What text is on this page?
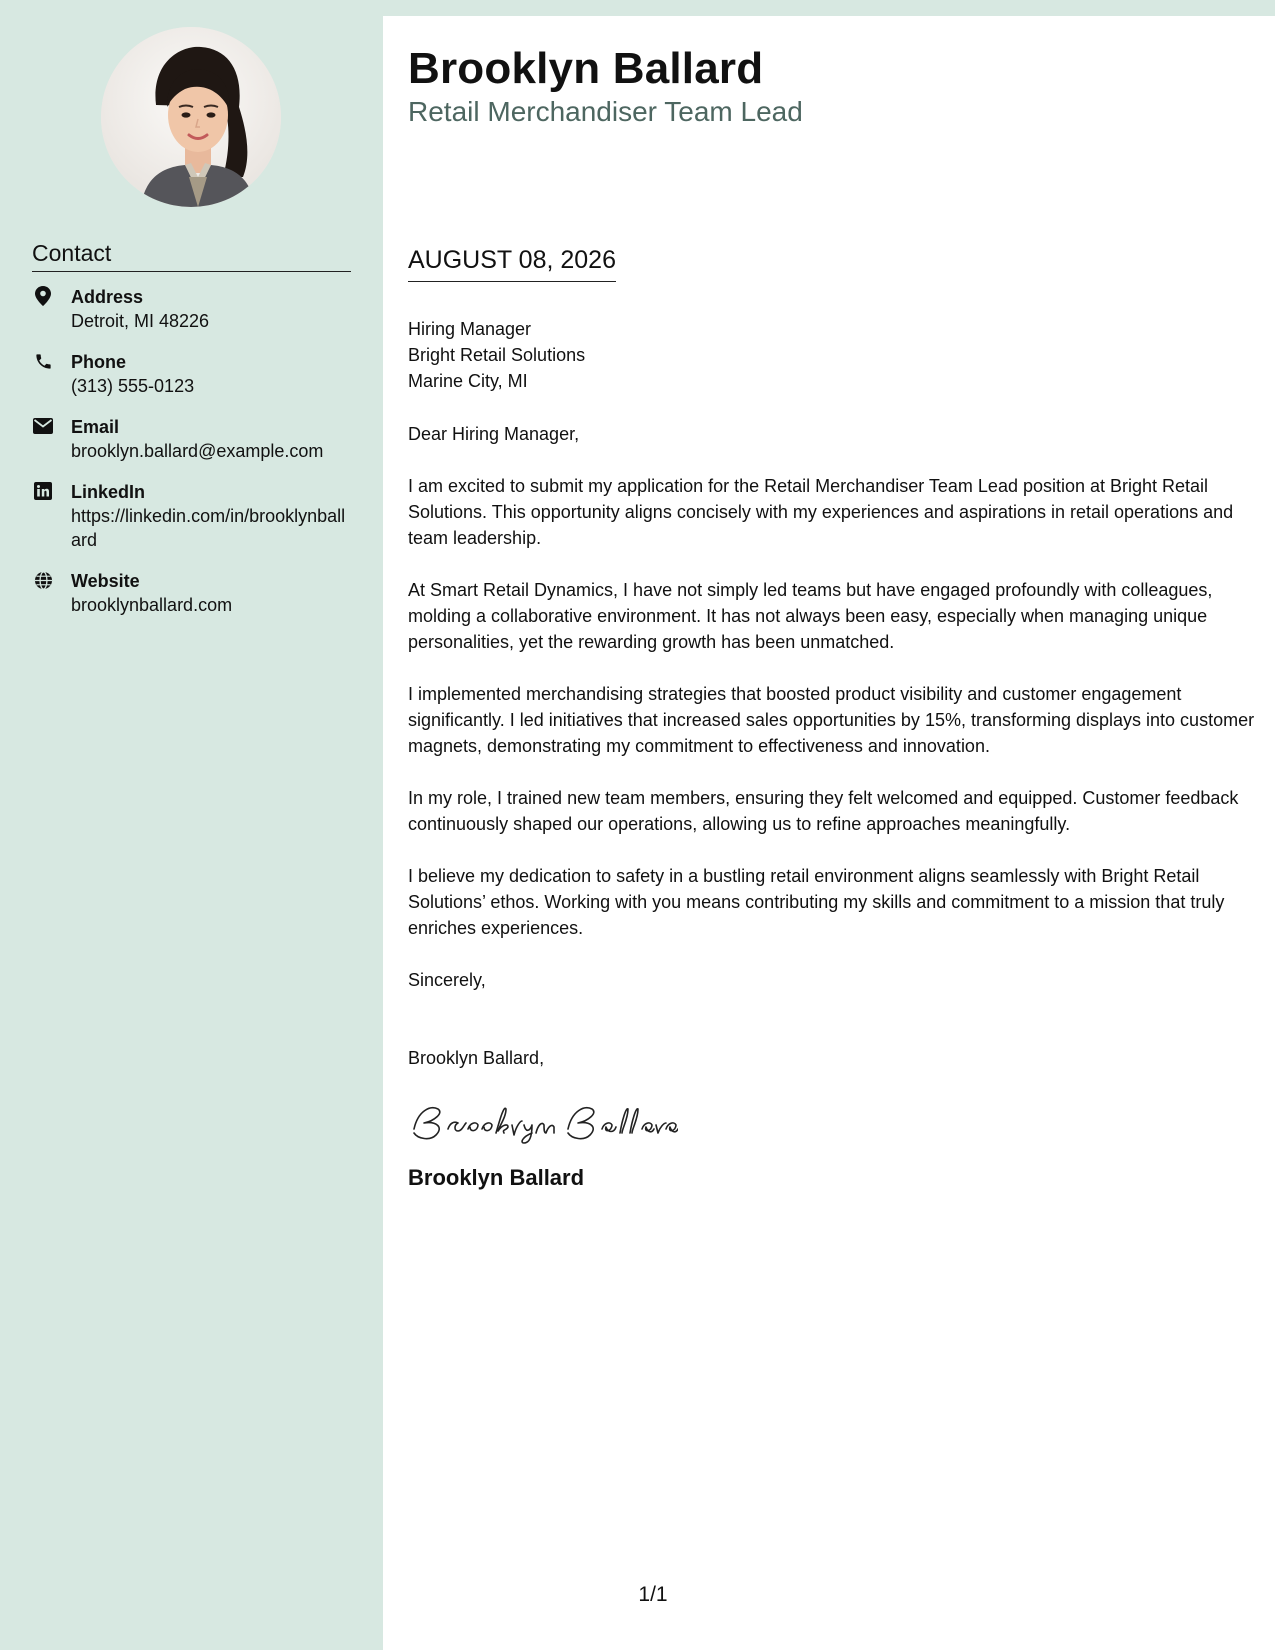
Contact
Address
Detroit, MI 48226
Phone
(313) 555-0123
Email
brooklyn.ballard@example.com
LinkedIn
https://linkedin.com/in/brooklynballard
Website
brooklynballard.com
Brooklyn Ballard
Retail Merchandiser Team Lead
AUGUST 08, 2026
Hiring Manager
Bright Retail Solutions
Marine City, MI
Dear Hiring Manager,
I am excited to submit my application for the Retail Merchandiser Team Lead position at Bright Retail Solutions. This opportunity aligns concisely with my experiences and aspirations in retail operations and team leadership.
At Smart Retail Dynamics, I have not simply led teams but have engaged profoundly with colleagues, molding a collaborative environment. It has not always been easy, especially when managing unique personalities, yet the rewarding growth has been unmatched.
I implemented merchandising strategies that boosted product visibility and customer engagement significantly. I led initiatives that increased sales opportunities by 15%, transforming displays into customer magnets, demonstrating my commitment to effectiveness and innovation.
In my role, I trained new team members, ensuring they felt welcomed and equipped. Customer feedback continuously shaped our operations, allowing us to refine approaches meaningfully.
I believe my dedication to safety in a bustling retail environment aligns seamlessly with Bright Retail Solutions’ ethos. Working with you means contributing my skills and commitment to a mission that truly enriches experiences.
Sincerely,
Brooklyn Ballard,
Brooklyn Ballard
1/1
